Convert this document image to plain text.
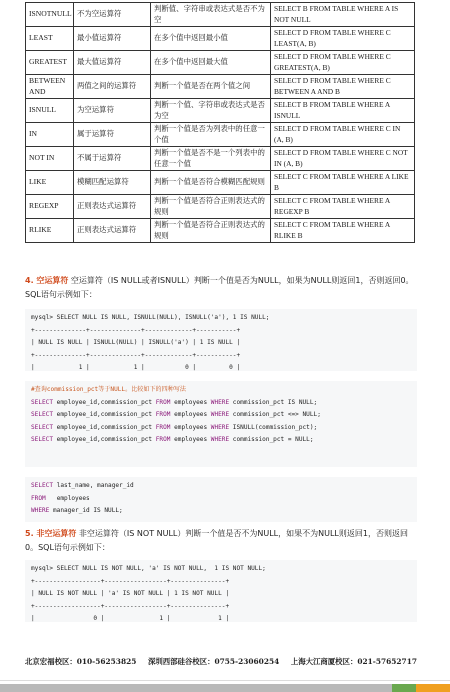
ISNOTNULL	不为空运算符	判断值、字符串或表达式是否不为空	SELECT B FROM TABLE WHERE A IS NOT NULL
LEAST	最小值运算符	在多个值中返回最小值	SELECT D FROM TABLE WHERE C LEAST(A, B)
GREATEST	最大值运算符	在多个值中返回最大值	SELECT D FROM TABLE WHERE C GREATEST(A, B)
BETWEEN AND	两值之间的运算符	判断一个值是否在两个值之间	SELECT D FROM TABLE WHERE C BETWEEN A AND B
ISNULL	为空运算符	判断一个值、字符串或表达式是否为空	SELECT B FROM TABLE WHERE A ISNULL
IN	属于运算符	判断一个值是否为列表中的任意一个值	SELECT D FROM TABLE WHERE C IN (A, B)
NOT IN	不属于运算符	判断一个值是否不是一个列表中的任意一个值	SELECT D FROM TABLE WHERE C NOT IN (A, B)
LIKE	模糊匹配运算符	判断一个值是否符合模糊匹配规则	SELECT C FROM TABLE WHERE A LIKE B
REGEXP	正则表达式运算符	判断一个值是否符合正则表达式的规则	SELECT C FROM TABLE WHERE A REGEXP B
RLIKE	正则表达式运算符	判断一个值是否符合正则表达式的规则	SELECT C FROM TABLE WHERE A RLIKE B
4. 空运算符 空运算符（IS NULL或者ISNULL）判断一个值是否为NULL，如果为NULL则返回1，否则返回0。SQL语句示例如下：
mysql> SELECT NULL IS NULL, ISNULL(NULL), ISNULL('a'), 1 IS NULL;
+--------------+--------------+-------------+-----------+
| NULL IS NULL | ISNULL(NULL) | ISNULL('a') | 1 IS NULL |
+--------------+--------------+-------------+-----------+
|            1 |            1 |           0 |         0 |
#查询commission_pct等于NULL。比较如下的四种写法
SELECT employee_id,commission_pct FROM employees WHERE commission_pct IS NULL;
SELECT employee_id,commission_pct FROM employees WHERE commission_pct <=> NULL;
SELECT employee_id,commission_pct FROM employees WHERE ISNULL(commission_pct);
SELECT employee_id,commission_pct FROM employees WHERE commission_pct = NULL;
SELECT last_name, manager_id
FROM   employees
WHERE manager_id IS NULL;
5. 非空运算符 非空运算符（IS NOT NULL）判断一个值是否不为NULL，如果不为NULL则返回1，否则返回0。SQL语句示例如下：
mysql> SELECT NULL IS NOT NULL, 'a' IS NOT NULL,  1 IS NOT NULL;
+------------------+-----------------+---------------+
| NULL IS NOT NULL | 'a' IS NOT NULL | 1 IS NOT NULL |
+------------------+-----------------+---------------+
|                0 |               1 |             1 |
北京宏福校区：010-56253825 深圳西部硅谷校区：0755-23060254 上海大江商厦校区：021-57652717
